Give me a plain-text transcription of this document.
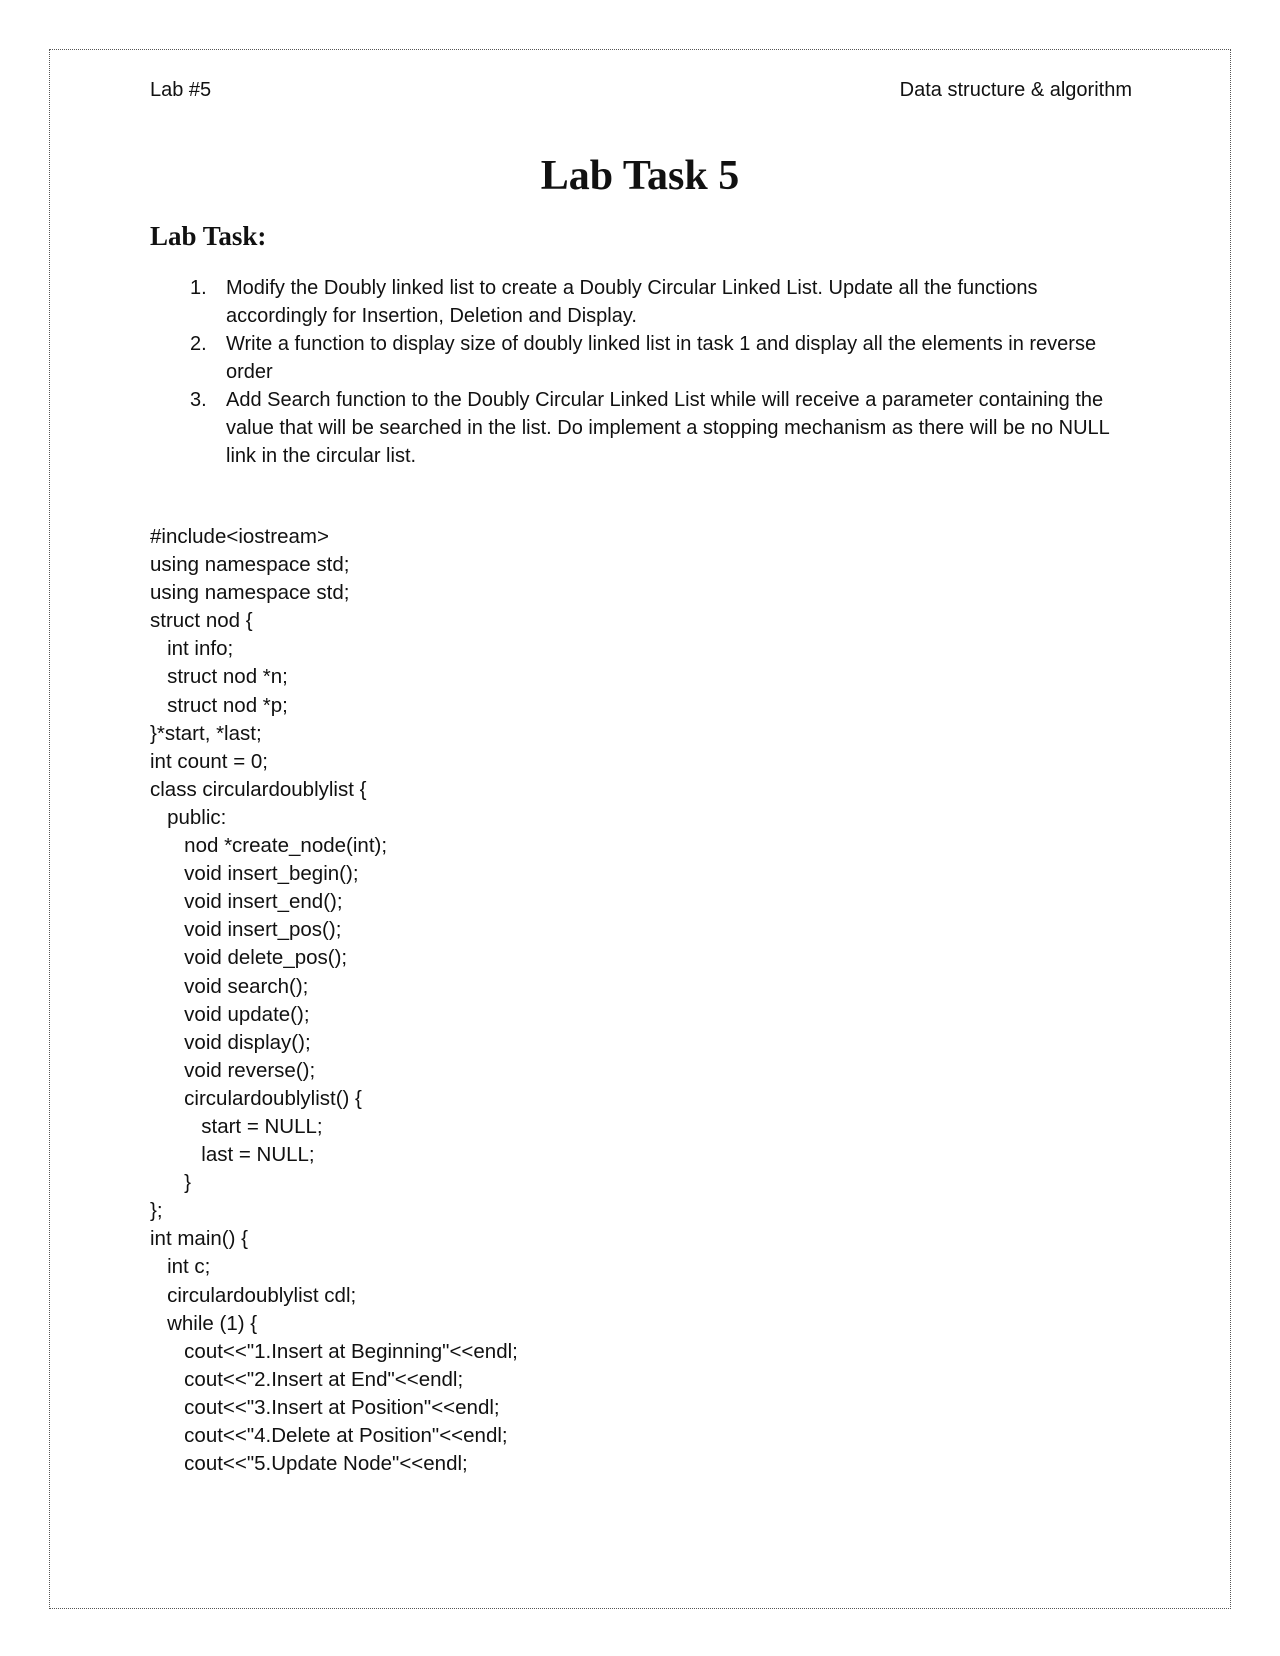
Lab #5	Data structure & algorithm
Lab Task 5
Lab Task:
1. Modify the Doubly linked list to create a Doubly Circular Linked List. Update all the functions accordingly for Insertion, Deletion and Display.
2. Write a function to display size of doubly linked list in task 1 and display all the elements in reverse order
3. Add Search function to the Doubly Circular Linked List while will receive a parameter containing the value that will be searched in the list. Do implement a stopping mechanism as there will be no NULL link in the circular list.
#include<iostream>
using namespace std;
using namespace std;
struct nod {
int info;
struct nod *n;
struct nod *p;
}*start, *last;
int count = 0;
class circulardoublylist {
public:
nod *create_node(int);
void insert_begin();
void insert_end();
void insert_pos();
void delete_pos();
void search();
void update();
void display();
void reverse();
circulardoublylist() {
start = NULL;
last = NULL;
}
};
int main() {
int c;
circulardoublylist cdl;
while (1) {
cout<<"1.Insert at Beginning"<<endl;
cout<<"2.Insert at End"<<endl;
cout<<"3.Insert at Position"<<endl;
cout<<"4.Delete at Position"<<endl;
cout<<"5.Update Node"<<endl;
